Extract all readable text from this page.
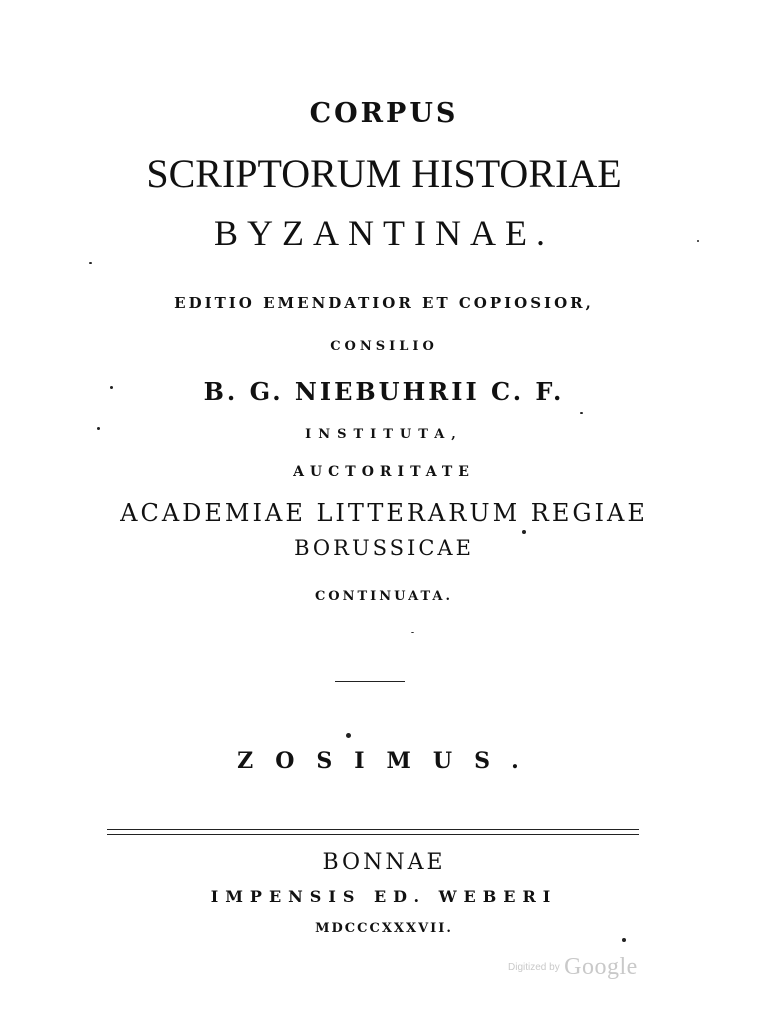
CORPUS
SCRIPTORUM HISTORIAE
BYZANTINAE.
EDITIO EMENDATIOR ET COPIOSIOR,
CONSILIO
B. G. NIEBUHRII C. F.
INSTITUTA,
AUCTORITATE
ACADEMIAE LITTERARUM REGIAE
BORUSSICAE
CONTINUATA.
ZOSIMUS.
BONNAE
IMPENSIS ED. WEBERI
MDCCCXXXVII.
Digitized by Google
